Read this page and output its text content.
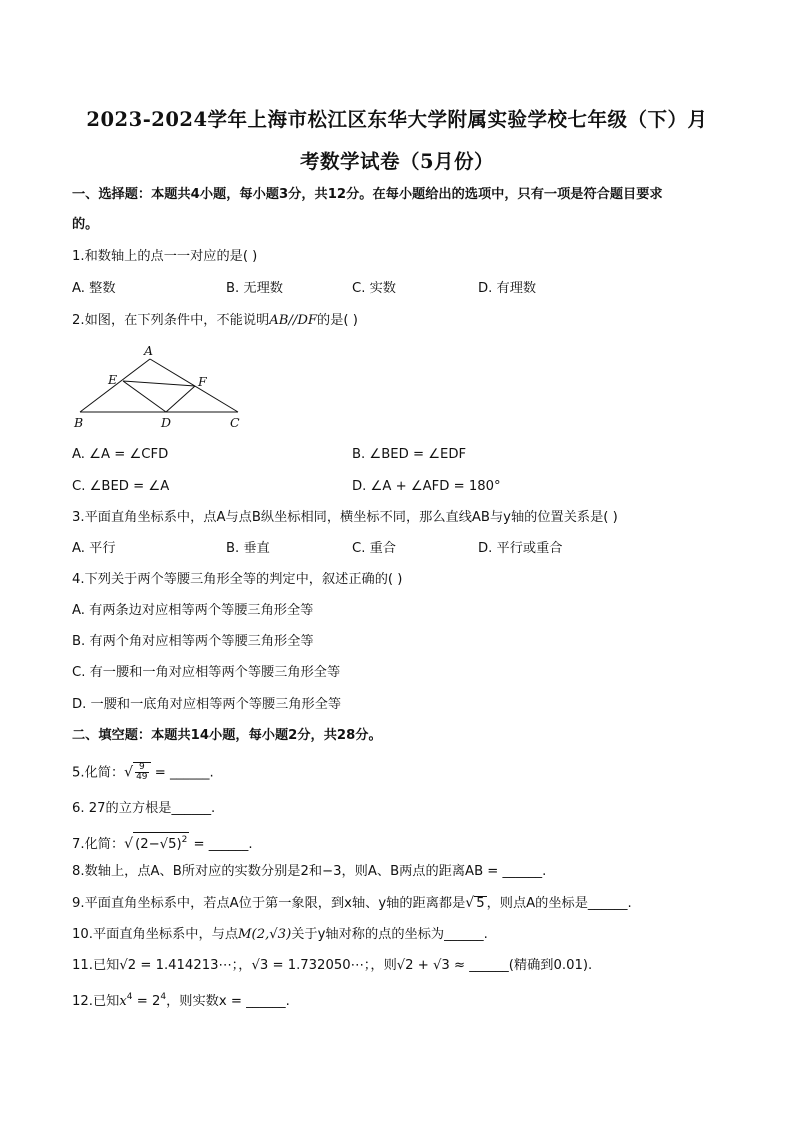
2023-2024学年上海市松江区东华大学附属实验学校七年级（下）月
考数学试卷（5月份）
一、选择题：本题共4小题，每小题3分，共12分。在每小题给出的选项中，只有一项是符合题目要求
的。
1.和数轴上的点一一对应的是( )
A. 整数	B. 无理数	C. 实数	D. 有理数
2.如图，在下列条件中，不能说明AB//DF的是( )
A
E	F
B	D	C
A. ∠A = ∠CFD	B. ∠BED = ∠EDF
C. ∠BED = ∠A	D. ∠A + ∠AFD = 180°
3.平面直角坐标系中，点A与点B纵坐标相同，横坐标不同，那么直线AB与y轴的位置关系是( )
A. 平行	B. 垂直	C. 重合	D. 平行或重合
4.下列关于两个等腰三角形全等的判定中，叙述正确的( )
A. 有两条边对应相等两个等腰三角形全等
B. 有两个角对应相等两个等腰三角形全等
C. 有一腰和一角对应相等两个等腰三角形全等
D. 一腰和一底角对应相等两个等腰三角形全等
二、填空题：本题共14小题，每小题2分，共28分。
5.化简：√ $\frac{9}{49}$ = ______.
6. 27的立方根是______.
7.化简：√ $(2-√5)^2$ = ______.
8.数轴上，点A、B所对应的实数分别是2和−3，则A、B两点的距离AB = ______.
9.平面直角坐标系中，若点A位于第一象限，到x轴、y轴的距离都是√ 5 ，则点A的坐标是______.
10.平面直角坐标系中，与点M(2,√3)关于y轴对称的点的坐标为______.
11.已知√2 = 1.414213⋯；，√3 = 1.732050⋯；，则√2 + √3 ≈ ______(精确到0.01).
12.已知$x^4 = 2^4$，则实数x = ______.
